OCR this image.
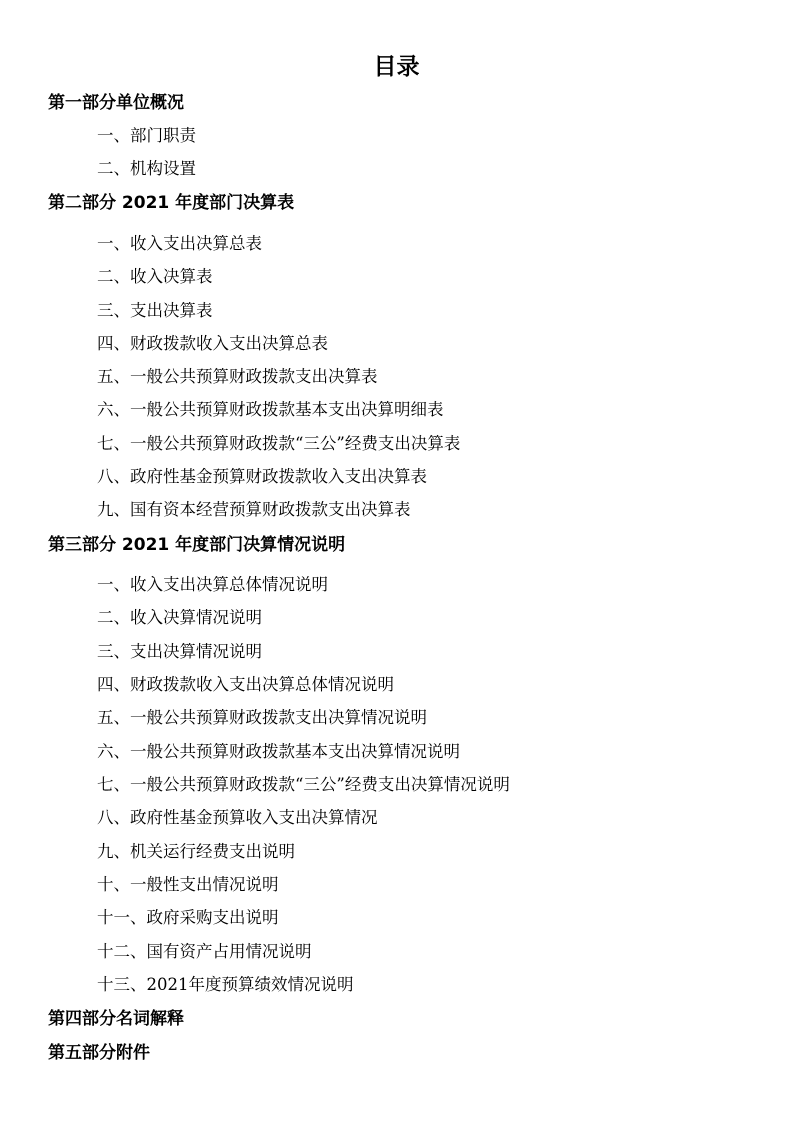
目录
第一部分单位概况
一、部门职责
二、机构设置
第二部分 2021 年度部门决算表
一、收入支出决算总表
二、收入决算表
三、支出决算表
四、财政拨款收入支出决算总表
五、一般公共预算财政拨款支出决算表
六、一般公共预算财政拨款基本支出决算明细表
七、一般公共预算财政拨款“三公”经费支出决算表
八、政府性基金预算财政拨款收入支出决算表
九、国有资本经营预算财政拨款支出决算表
第三部分 2021 年度部门决算情况说明
一、收入支出决算总体情况说明
二、收入决算情况说明
三、支出决算情况说明
四、财政拨款收入支出决算总体情况说明
五、一般公共预算财政拨款支出决算情况说明
六、一般公共预算财政拨款基本支出决算情况说明
七、一般公共预算财政拨款“三公”经费支出决算情况说明
八、政府性基金预算收入支出决算情况
九、机关运行经费支出说明
十、一般性支出情况说明
十一、政府采购支出说明
十二、国有资产占用情况说明
十三、2021年度预算绩效情况说明
第四部分名词解释
第五部分附件
